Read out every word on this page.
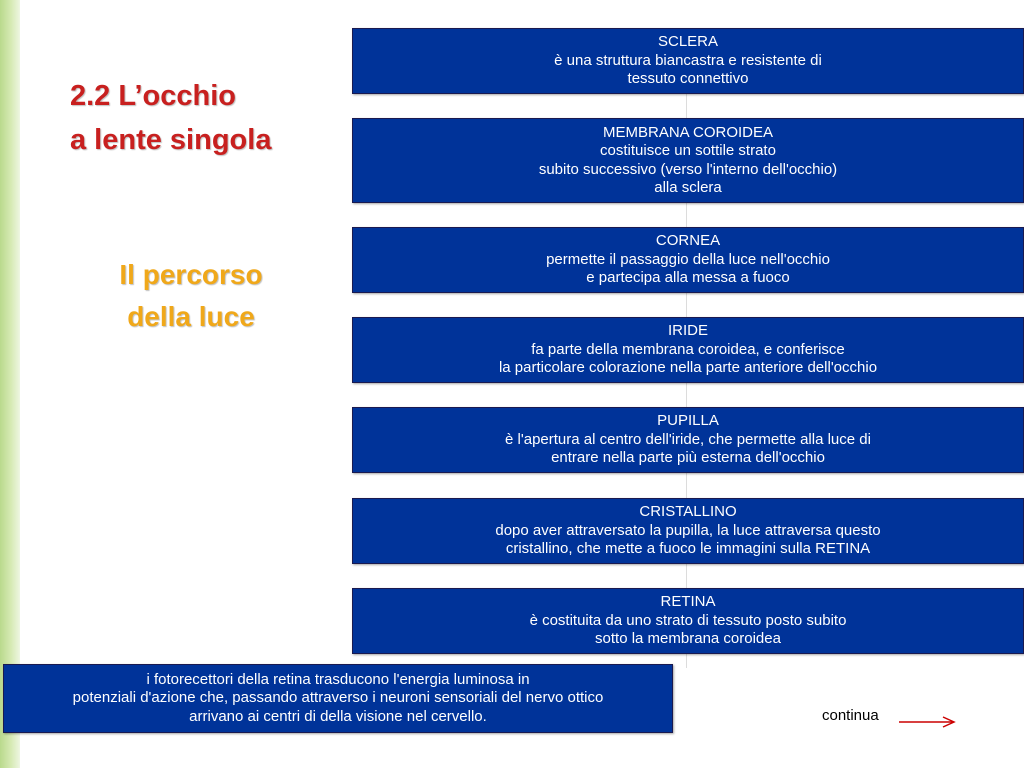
2.2 L’occhio
a lente singola
Il percorso
della luce
SCLERA
è una struttura biancastra e resistente di
tessuto connettivo
MEMBRANA COROIDEA
costituisce un sottile strato
subito successivo (verso l'interno dell'occhio)
alla sclera
CORNEA
permette il passaggio della luce nell'occhio
e partecipa alla messa a fuoco
IRIDE
fa parte della membrana coroidea, e conferisce
la particolare colorazione nella parte anteriore dell'occhio
PUPILLA
è l'apertura al centro dell'iride, che permette alla luce di
entrare nella parte più esterna dell'occhio
CRISTALLINO
dopo aver attraversato la pupilla, la luce attraversa questo
cristallino, che mette a fuoco le immagini sulla RETINA
RETINA
è costituita da uno strato di tessuto posto subito
sotto la membrana coroidea
i fotorecettori della retina trasducono l'energia luminosa in
potenziali d'azione che, passando attraverso i neuroni sensoriali del nervo ottico
arrivano ai centri di della visione nel cervello.	continua
